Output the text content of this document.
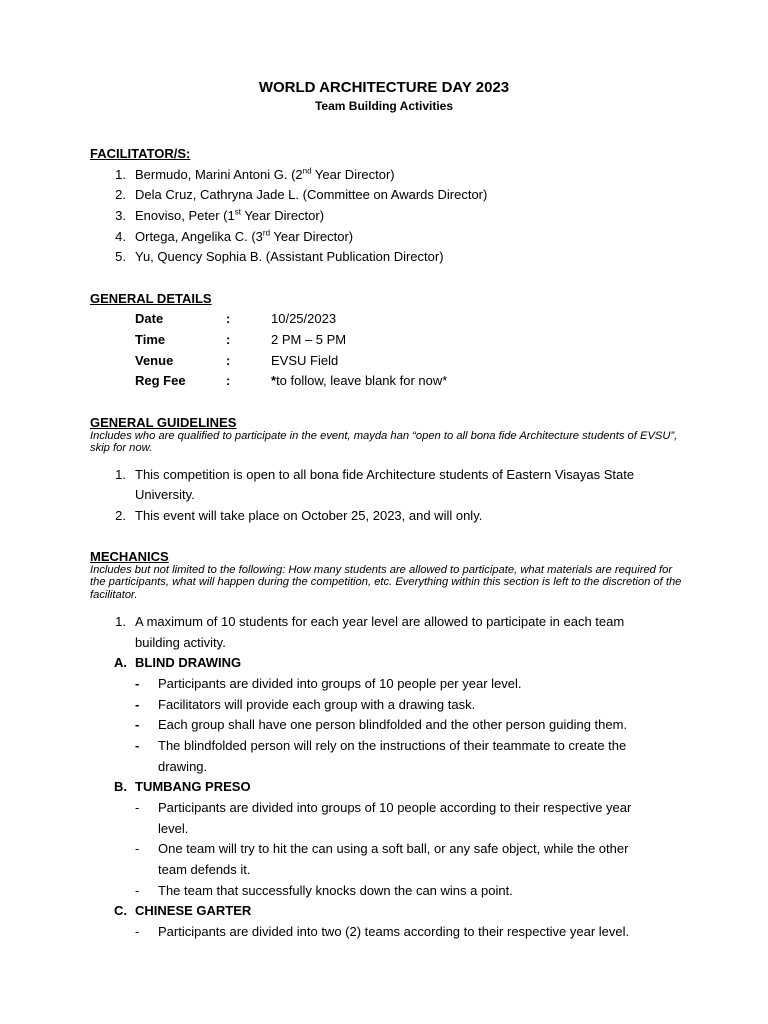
WORLD ARCHITECTURE DAY 2023
Team Building Activities
FACILITATOR/S:
1. Bermudo, Marini Antoni G. (2nd Year Director)
2. Dela Cruz, Cathryna Jade L. (Committee on Awards Director)
3. Enoviso, Peter (1st Year Director)
4. Ortega, Angelika C. (3rd Year Director)
5. Yu, Quency Sophia B. (Assistant Publication Director)
GENERAL DETAILS
Date	:	10/25/2023
Time	:	2 PM – 5 PM
Venue	:	EVSU Field
Reg Fee	:	*to follow, leave blank for now*
GENERAL GUIDELINES
Includes who are qualified to participate in the event, mayda han “open to all bona fide Architecture students of EVSU”, skip for now.
1. This competition is open to all bona fide Architecture students of Eastern Visayas State
University.
2. This event will take place on October 25, 2023, and will only.
MECHANICS
Includes but not limited to the following: How many students are allowed to participate, what materials are required for the participants, what will happen during the competition, etc. Everything within this section is left to the discretion of the facilitator.
1. A maximum of 10 students for each year level are allowed to participate in each team
building activity.
A. BLIND DRAWING
- Participants are divided into groups of 10 people per year level.
- Facilitators will provide each group with a drawing task.
- Each group shall have one person blindfolded and the other person guiding them.
- The blindfolded person will rely on the instructions of their teammate to create the
drawing.
B. TUMBANG PRESO
- Participants are divided into groups of 10 people according to their respective year
level.
- One team will try to hit the can using a soft ball, or any safe object, while the other
team defends it.
- The team that successfully knocks down the can wins a point.
C. CHINESE GARTER
- Participants are divided into two (2) teams according to their respective year level.
